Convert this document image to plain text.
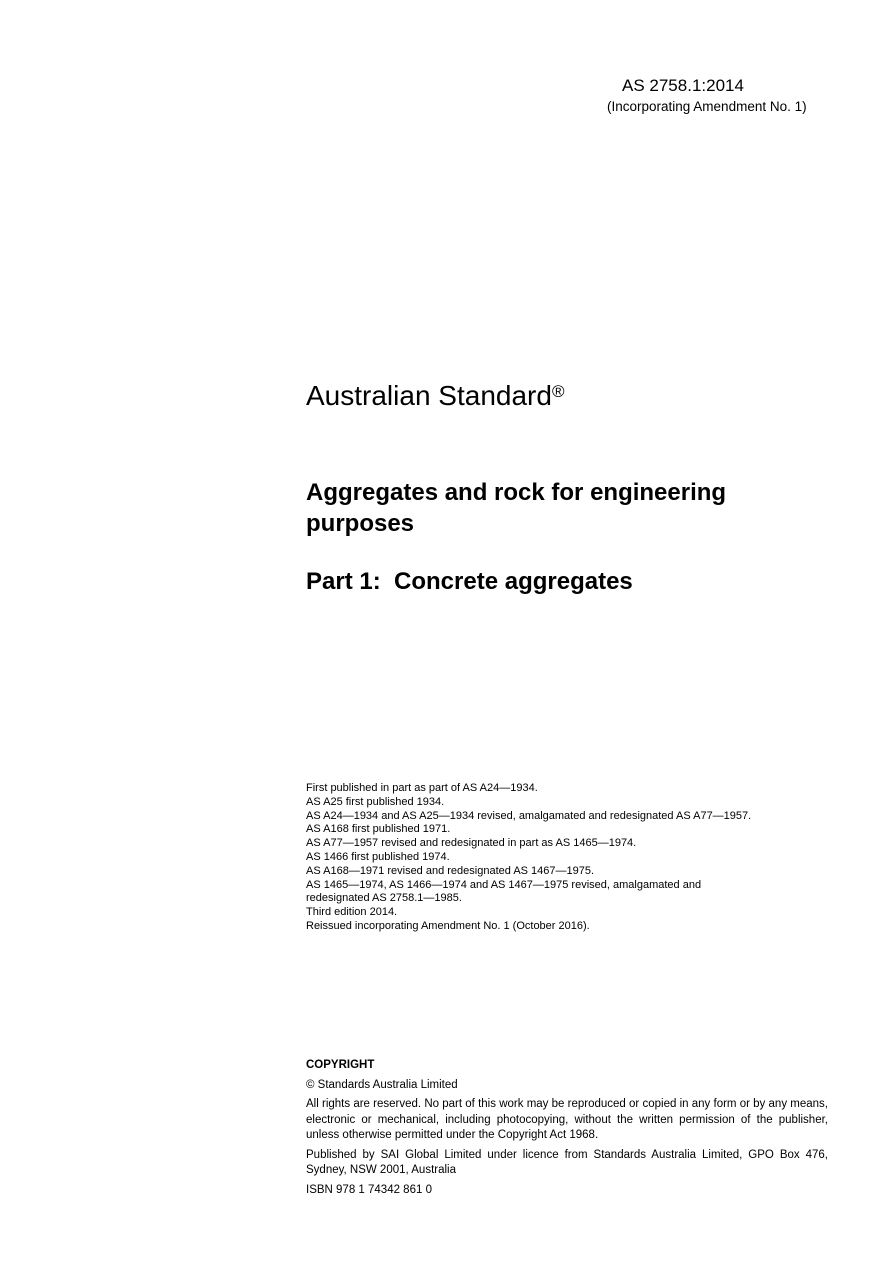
AS 2758.1:2014
(Incorporating Amendment No. 1)
Australian Standard®
Aggregates and rock for engineering purposes
Part 1:  Concrete aggregates
First published in part as part of AS A24—1934.
AS A25 first published 1934.
AS A24—1934 and AS A25—1934 revised, amalgamated and redesignated AS A77—1957.
AS A168 first published 1971.
AS A77—1957 revised and redesignated in part as AS 1465—1974.
AS 1466 first published 1974.
AS A168—1971 revised and redesignated AS 1467—1975.
AS 1465—1974, AS 1466—1974 and AS 1467—1975 revised, amalgamated and
redesignated AS 2758.1—1985.
Third edition 2014.
Reissued incorporating Amendment No. 1 (October 2016).

COPYRIGHT

© Standards Australia Limited

All rights are reserved. No part of this work may be reproduced or copied in any form or by any means, electronic or mechanical, including photocopying, without the written permission of the publisher, unless otherwise permitted under the Copyright Act 1968.

Published by SAI Global Limited under licence from Standards Australia Limited, GPO Box 476, Sydney, NSW 2001, Australia

ISBN 978 1 74342 861 0
